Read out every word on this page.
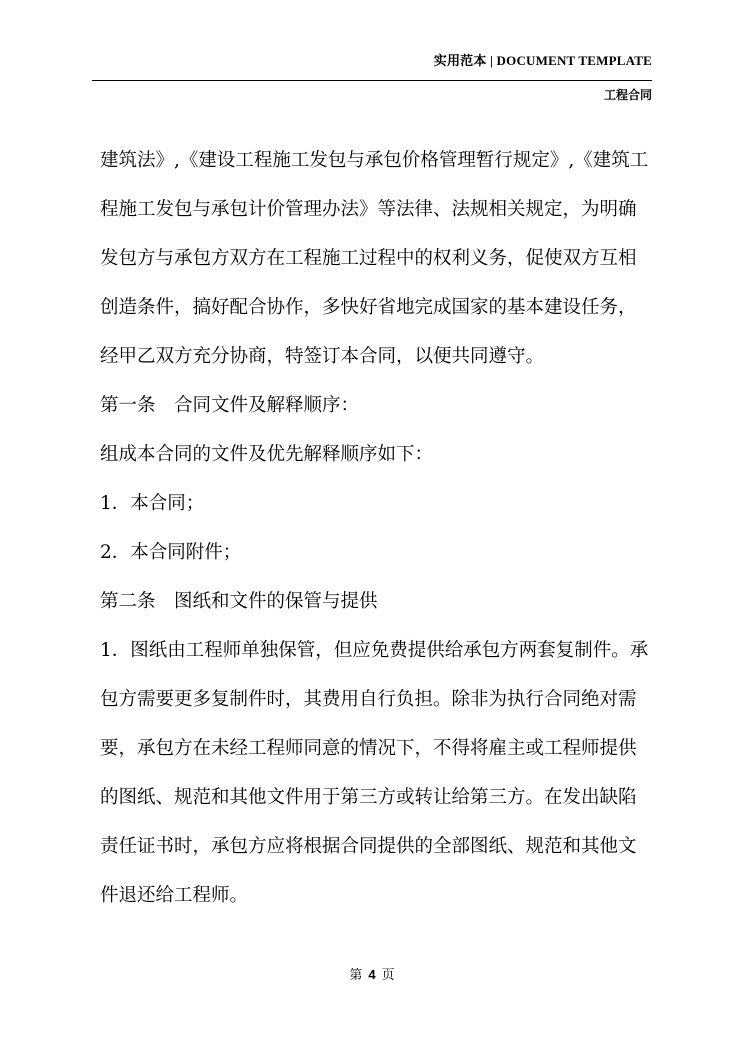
实用范本 | DOCUMENT TEMPLATE
工程合同
建筑法》,《建设工程施工发包与承包价格管理暂行规定》,《建筑工
程施工发包与承包计价管理办法》等法律、法规相关规定，为明确
发包方与承包方双方在工程施工过程中的权利义务，促使双方互相
创造条件，搞好配合协作，多快好省地完成国家的基本建设任务，
经甲乙双方充分协商，特签订本合同，以便共同遵守。
第一条　合同文件及解释顺序：
组成本合同的文件及优先解释顺序如下：
1．本合同；
2．本合同附件；
第二条　图纸和文件的保管与提供
1．图纸由工程师单独保管，但应免费提供给承包方两套复制件。承
包方需要更多复制件时，其费用自行负担。除非为执行合同绝对需
要，承包方在未经工程师同意的情况下，不得将雇主或工程师提供
的图纸、规范和其他文件用于第三方或转让给第三方。在发出缺陷
责任证书时，承包方应将根据合同提供的全部图纸、规范和其他文
件退还给工程师。
第 4 页
